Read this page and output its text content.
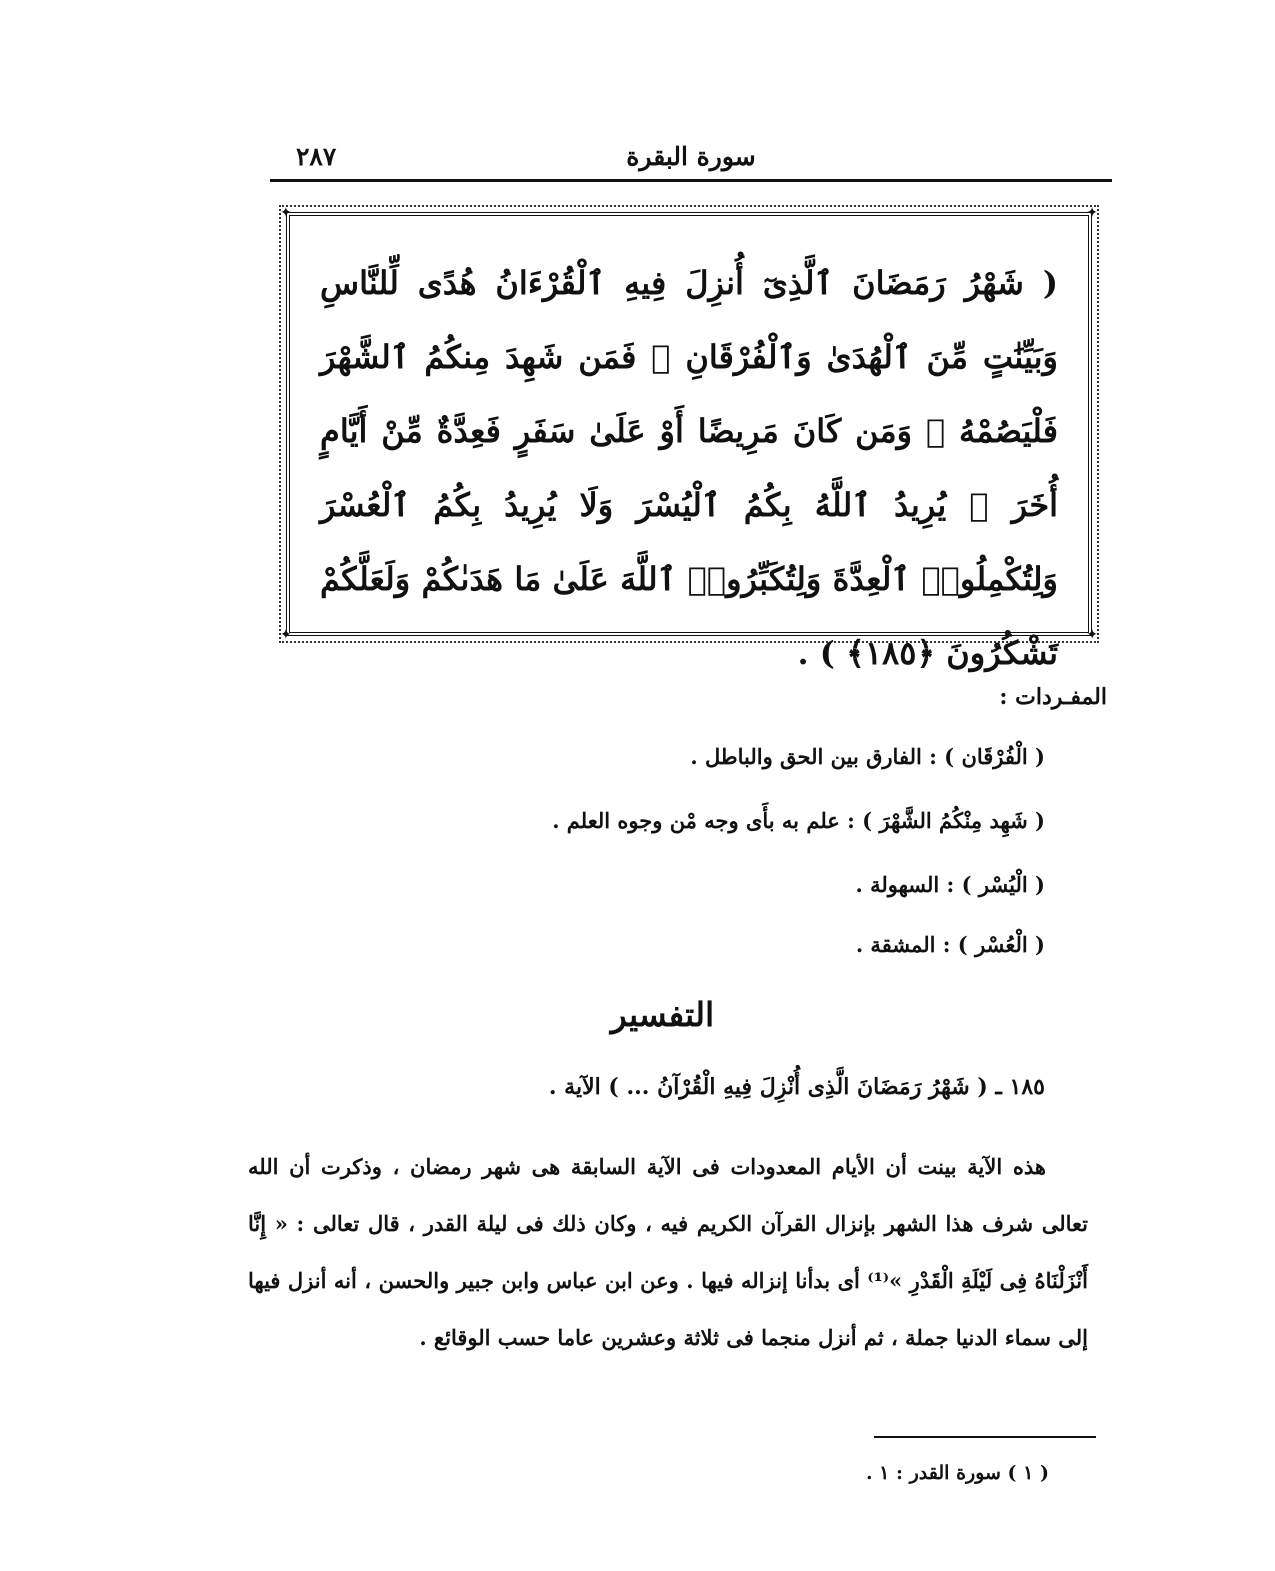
سورة البقرة
٢٨٧
✦	✦
✦	✦
( شَهْرُ رَمَضَانَ ٱلَّذِىٓ أُنزِلَ فِيهِ ٱلْقُرْءَانُ هُدًى لِّلنَّاسِ وَبَيِّنَٰتٍ مِّنَ ٱلْهُدَىٰ وَٱلْفُرْقَانِ ۚ فَمَن شَهِدَ مِنكُمُ ٱلشَّهْرَ فَلْيَصُمْهُ ۖ وَمَن كَانَ مَرِيضًا أَوْ عَلَىٰ سَفَرٍ فَعِدَّةٌ مِّنْ أَيَّامٍ أُخَرَ ۗ يُرِيدُ ٱللَّهُ بِكُمُ ٱلْيُسْرَ وَلَا يُرِيدُ بِكُمُ ٱلْعُسْرَ وَلِتُكْمِلُوا۟ ٱلْعِدَّةَ وَلِتُكَبِّرُوا۟ ٱللَّهَ عَلَىٰ مَا هَدَىٰكُمْ وَلَعَلَّكُمْ تَشْكُرُونَ ﴿١٨٥﴾ ) .
المفـردات :
( الْفُرْقَان ) : الفارق بين الحق والباطل .
( شَهِد مِنْكُمُ الشَّهْرَ ) : علم به بأَى وجه مْن وجوه العلم .
( الْيُسْر ) : السهولة .
( الْعُسْر ) : المشقة .
التفسير
١٨٥ ـ ( شَهْرُ رَمَضَانَ الَّذِى أُنْزِلَ فِيهِ الْقُرْآنُ ... ) الآية .
هذه الآية بينت أن الأيام المعدودات فى الآية السابقة هى شهر رمضان ، وذكرت أن الله تعالى شرف هذا الشهر بإنزال القرآن الكريم فيه ، وكان ذلك فى ليلة القدر ، قال تعالى : « إِنَّا أَنْزَلْنَاهُ فِى لَيْلَةِ الْقَدْرِ »⁽¹⁾ أى بدأنا إنزاله فيها . وعن ابن عباس وابن جبير والحسن ، أنه أنزل فيها إلى سماء الدنيا جملة ، ثم أنزل منجما فى ثلاثة وعشرين عاما حسب الوقائع .
( ١ ) سورة القدر : ١ .
